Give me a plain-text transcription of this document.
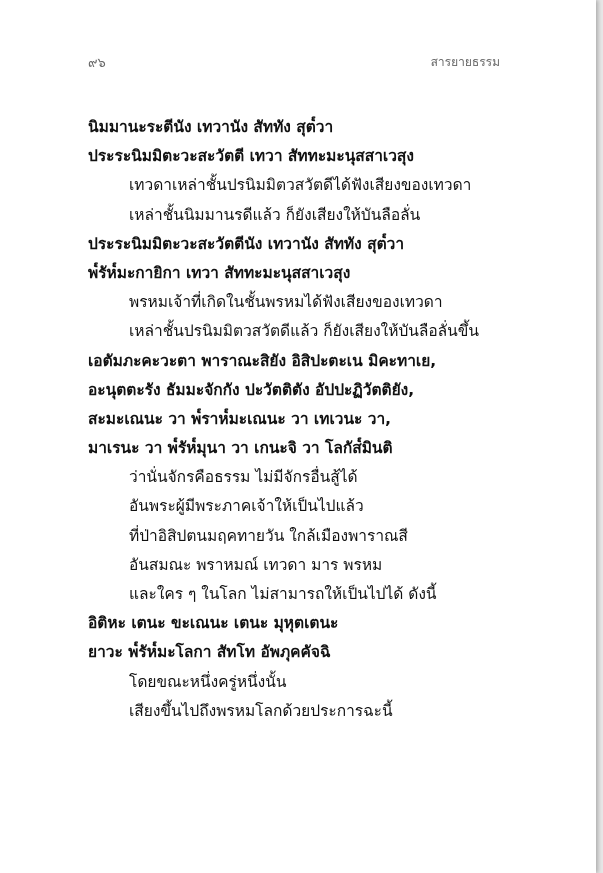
๙๖	สารยายธรรม
นิมมานะระตีนัง เทวานัง สัททัง สุต๎วา
ประระนิมมิตะวะสะวัตตี เทวา สัททะมะนุสสาเวสุง
เทวดาเหล่าชั้นปรนิมมิตวสวัตดีได้ฟังเสียงของเทวดา
เหล่าชั้นนิมมานรดีแล้ว ก็ยังเสียงให้บันลือลั่น
ประระนิมมิตะวะสะวัตตีนัง เทวานัง สัททัง สุต๎วา
พ๎รัห๎มะกายิกา เทวา สัททะมะนุสสาเวสุง
พรหมเจ้าที่เกิดในชั้นพรหมได้ฟังเสียงของเทวดา
เหล่าชั้นปรนิมมิตวสวัตดีแล้ว ก็ยังเสียงให้บันลือลั่นขึ้น
เอตัมภะคะวะตา พาราณะสิยัง อิสิปะตะเน มิคะทาเย,
อะนุตตะรัง ธัมมะจักกัง ปะวัตติตัง อัปปะฏิวัตติยัง,
สะมะเณนะ วา พ๎ราห๎มะเณนะ วา เทเวนะ วา,
มาเรนะ วา พ๎รัห๎มุนา วา เกนะจิ วา โลกัส๎มินติ
ว่านั่นจักรคือธรรม ไม่มีจักรอื่นสู้ได้
อันพระผู้มีพระภาคเจ้าให้เป็นไปแล้ว
ที่ป่าอิสิปตนมฤคทายวัน ใกล้เมืองพาราณสี
อันสมณะ พราหมณ์ เทวดา มาร พรหม
และใคร ๆ ในโลก ไม่สามารถให้เป็นไปได้ ดังนี้
อิติหะ เตนะ ขะเณนะ เตนะ มุหุตเตนะ
ยาวะ พ๎รัห๎มะโลกา สัทโท อัพภุคคัจฉิ
โดยขณะหนึ่งครู่หนึ่งนั้น
เสียงขึ้นไปถึงพรหมโลกด้วยประการฉะนี้
